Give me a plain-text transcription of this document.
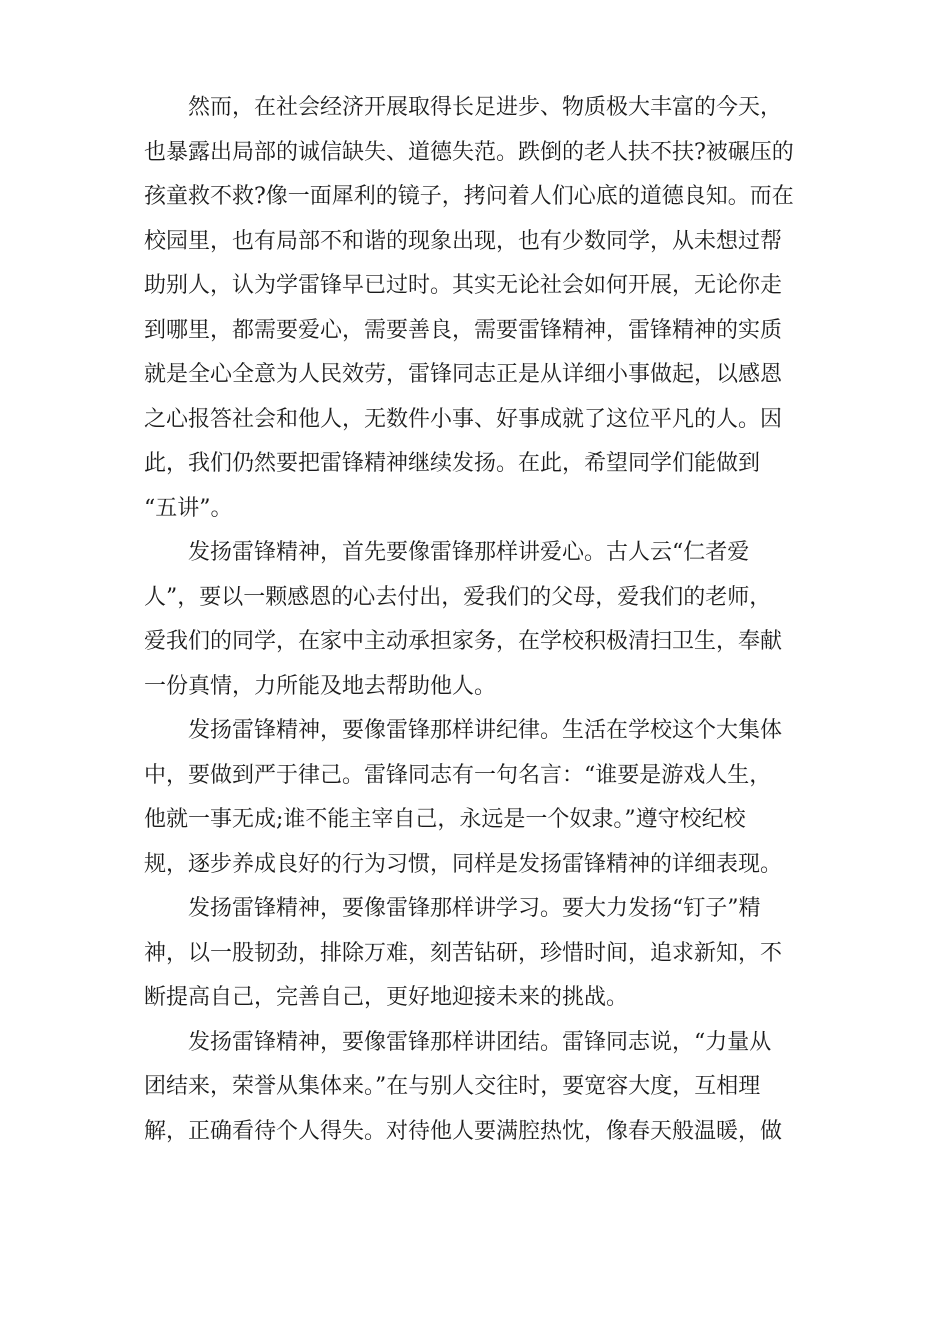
　　然而，在社会经济开展取得长足进步、物质极大丰富的今天，
也暴露出局部的诚信缺失、道德失范。跌倒的老人扶不扶?被碾压的
孩童救不救?像一面犀利的镜子，拷问着人们心底的道德良知。而在
校园里，也有局部不和谐的现象出现，也有少数同学，从未想过帮
助别人，认为学雷锋早已过时。其实无论社会如何开展，无论你走
到哪里，都需要爱心，需要善良，需要雷锋精神，雷锋精神的实质
就是全心全意为人民效劳，雷锋同志正是从详细小事做起，以感恩
之心报答社会和他人，无数件小事、好事成就了这位平凡的人。因
此，我们仍然要把雷锋精神继续发扬。在此，希望同学们能做到
“五讲”。
　　发扬雷锋精神，首先要像雷锋那样讲爱心。古人云“仁者爱
人”，要以一颗感恩的心去付出，爱我们的父母，爱我们的老师，
爱我们的同学，在家中主动承担家务，在学校积极清扫卫生，奉献
一份真情，力所能及地去帮助他人。
　　发扬雷锋精神，要像雷锋那样讲纪律。生活在学校这个大集体
中，要做到严于律己。雷锋同志有一句名言：“谁要是游戏人生，
他就一事无成;谁不能主宰自己，永远是一个奴隶。”遵守校纪校
规，逐步养成良好的行为习惯，同样是发扬雷锋精神的详细表现。
　　发扬雷锋精神，要像雷锋那样讲学习。要大力发扬“钉子”精
神，以一股韧劲，排除万难，刻苦钻研，珍惜时间，追求新知，不
断提高自己，完善自己，更好地迎接未来的挑战。
　　发扬雷锋精神，要像雷锋那样讲团结。雷锋同志说，“力量从
团结来，荣誉从集体来。”在与别人交往时，要宽容大度，互相理
解，正确看待个人得失。对待他人要满腔热忱，像春天般温暖，做
